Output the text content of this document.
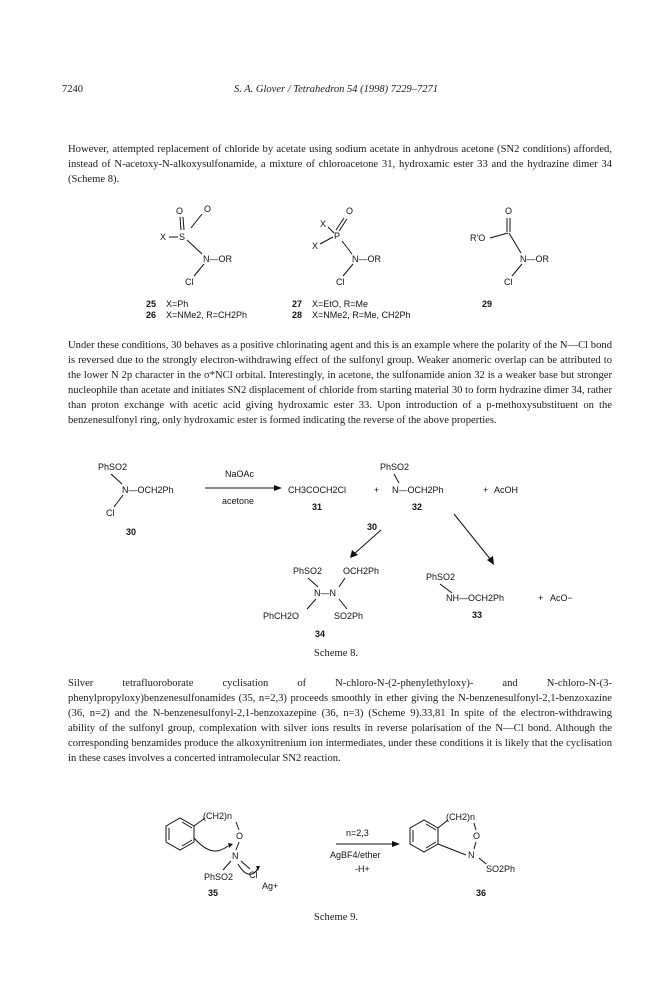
7240	S. A. Glover / Tetrahedron 54 (1998) 7229–7271

However, attempted replacement of chloride by acetate using sodium acetate in anhydrous acetone (SN2 conditions) afforded, instead of N-acetoxy-N-alkoxysulfonamide, a mixture of chloroacetone 31, hydroxamic ester 33 and the hydrazine dimer 34 (Scheme 8).

O O
X S
N—OR
Cl
25 X=Ph
26 X=NMe2, R=CH2Ph
X
O
P
X
N—OR
Cl
27 X=EtO, R=Me
28 X=NMe2, R=Me, CH2Ph
O
R'O
N—OR
Cl
29

Under these conditions, 30 behaves as a positive chlorinating agent and this is an example where the polarity of the N—Cl bond is reversed due to the strongly electron-withdrawing effect of the sulfonyl group. Weaker anomeric overlap can be attributed to the lower N 2p character in the σ*NCl orbital. Interestingly, in acetone, the sulfonamide anion 32 is a weaker base but stronger nucleophile than acetate and initiates SN2 displacement of chloride from starting material 30 to form hydrazine dimer 34, rather than proton exchange with acetic acid giving hydroxamic ester 33. Upon introduction of a p-methoxysubstituent on the benzenesulfonyl ring, only hydroxamic ester is formed indicating the reverse of the above properties.

PhSO2
N—OCH2Ph
Cl
30
NaOAc
acetone
CH3COCH2Cl
31
+
PhSO2
N—OCH2Ph
32
+ AcOH
30
PhSO2 OCH2Ph
N—N
PhCH2O	SO2Ph
34
PhSO2
NH—OCH2Ph	+ AcO−
33
Scheme 8.

Silver tetrafluoroborate cyclisation of N-chloro-N-(2-phenylethyloxy)- and N-chloro-N-(3-phenylpropyloxy)benzenesulfonamides (35, n=2,3) proceeds smoothly in ether giving the N-benzenesulfonyl-2,1-benzoxazine (36, n=2) and the N-benzenesulfonyl-2,1-benzoxazepine (36, n=3) (Scheme 9).33,81 In spite of the electron-withdrawing ability of the sulfonyl group, complexation with silver ions results in reverse polarisation of the N—Cl bond. Although the corresponding benzamides produce the alkoxynitrenium ion intermediates, under these conditions it is likely that the cyclisation in these cases involves a concerted intramolecular SN2 reaction.

(CH2)n
O
N
PhSO2 Cl
Ag+
35
n=2,3
AgBF4/ether
-H+
(CH2)n
O
N
SO2Ph
36
Scheme 9.
